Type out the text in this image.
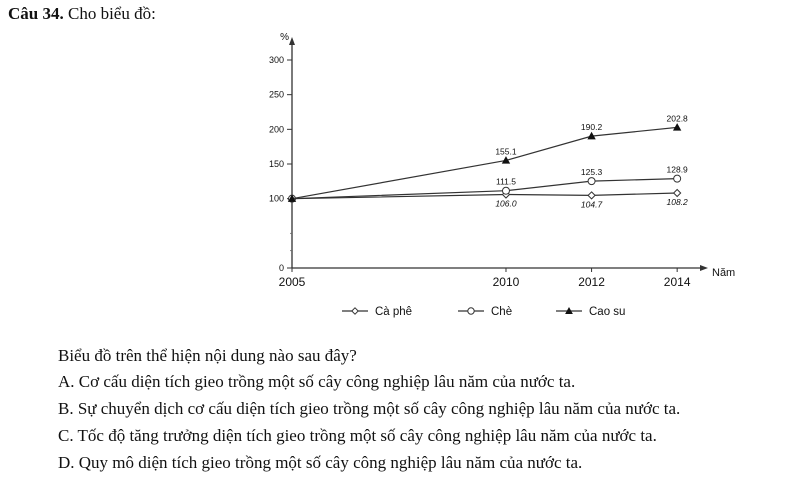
Câu 34. Cho biểu đồ:
%
Năm
0
100
150
200
250
300
2005	2010	2012	2014
106.0	104.7	108.2
111.5
125.3	128.9
155.1
190.2
202.8
Cà phê	Chè	Cao su
Biểu đồ trên thể hiện nội dung nào sau đây?
A. Cơ cấu diện tích gieo trồng một số cây công nghiệp lâu năm của nước ta.
B. Sự chuyển dịch cơ cấu diện tích gieo trồng một số cây công nghiệp lâu năm của nước ta.
C. Tốc độ tăng trưởng diện tích gieo trồng một số cây công nghiệp lâu năm của nước ta.
D. Quy mô diện tích gieo trồng một số cây công nghiệp lâu năm của nước ta.
